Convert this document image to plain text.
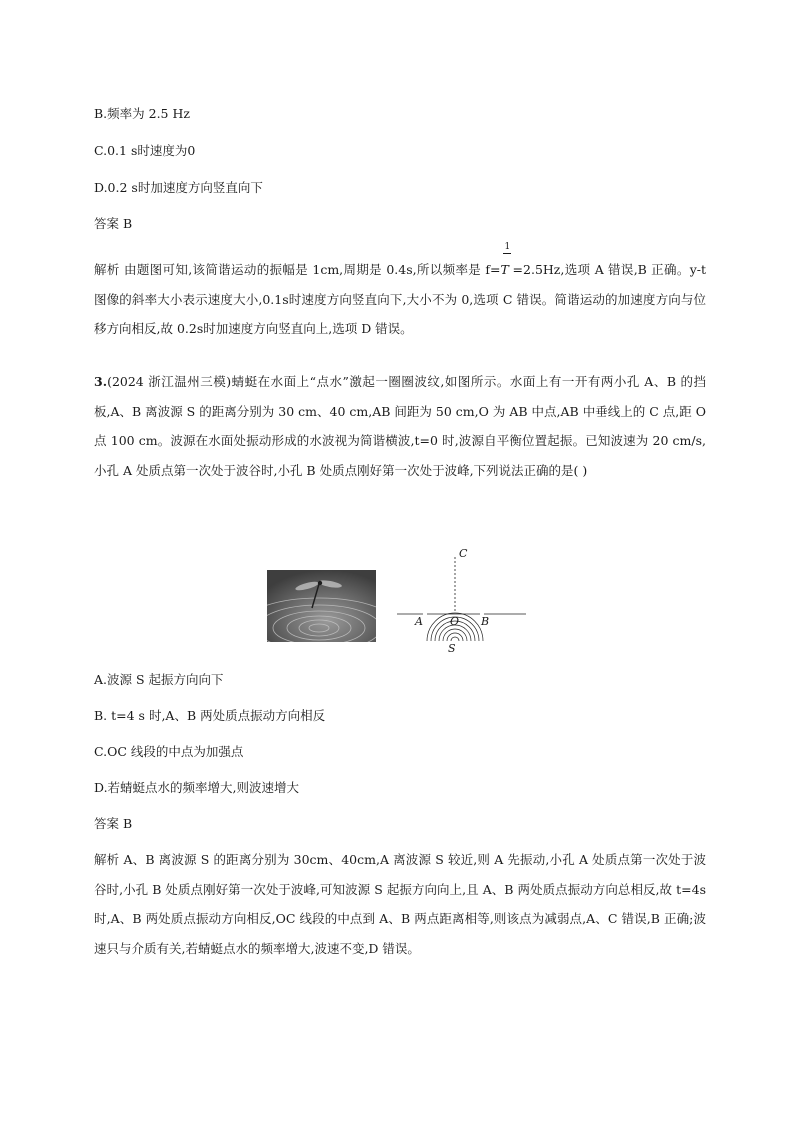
B.频率为 2.5 Hz
C.0.1 s时速度为0
D.0.2 s时加速度方向竖直向下
答案 B
解析 由题图可知,该简谐运动的振幅是 1cm,周期是 0.4s,所以频率是 $f= \frac{1}{T}=2.5Hz$,选项 A 错误,B 正确。y-t 图像的斜率大小表示速度大小,0.1s时速度方向竖直向下,大小不为 0,选项 C 错误。简谐运动的加速度方向与位移方向相反,故 0.2s时加速度方向竖直向上,选项 D 错误。
3.(2024 浙江温州三模)蜻蜓在水面上“点水”激起一圈圈波纹,如图所示。水面上有一开有两小孔 A、B 的挡板,A、B 离波源 S 的距离分别为 30 cm、40 cm,AB 间距为 50 cm,O 为 AB 中点,AB 中垂线上的 C 点,距 O 点 100 cm。波源在水面处振动形成的水波视为简谐横波,t=0 时,波源自平衡位置起振。已知波速为 20 cm/s,小孔 A 处质点第一次处于波谷时,小孔 B 处质点刚好第一次处于波峰,下列说法正确的是( )
C
A O B
S
A.波源 S 起振方向向下
B. t=4 s 时,A、B 两处质点振动方向相反
C.OC 线段的中点为加强点
D.若蜻蜓点水的频率增大,则波速增大
答案 B
解析 A、B 离波源 S 的距离分别为 30cm、40cm,A 离波源 S 较近,则 A 先振动,小孔 A 处质点第一次处于波谷时,小孔 B 处质点刚好第一次处于波峰,可知波源 S 起振方向向上,且 A、B 两处质点振动方向总相反,故 t=4s 时,A、B 两处质点振动方向相反,OC 线段的中点到 A、B 两点距离相等,则该点为减弱点,A、C 错误,B 正确;波速只与介质有关,若蜻蜓点水的频率增大,波速不变,D 错误。
